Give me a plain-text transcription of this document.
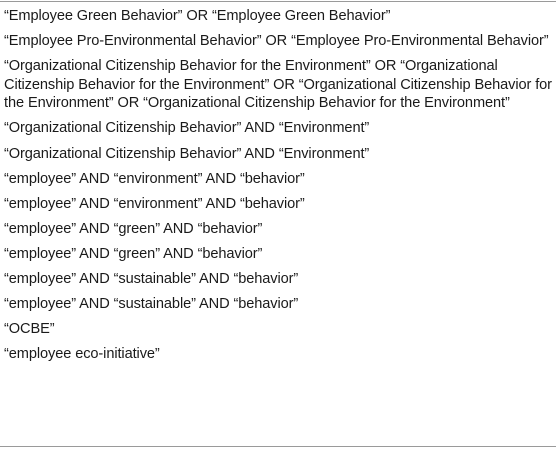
“Employee Green Behavior” OR “Employee Green Behavior”
“Employee Pro-Environmental Behavior” OR “Employee Pro-Environmental Behavior”
“Organizational Citizenship Behavior for the Environment” OR “Organizational Citizenship Behavior for the Environment” OR “Organizational Citizenship Behavior for the Environment” OR “Organizational Citizenship Behavior for the Environment”
“Organizational Citizenship Behavior” AND “Environment”
“Organizational Citizenship Behavior” AND “Environment”
“employee” AND “environment” AND “behavior”
“employee” AND “environment” AND “behavior”
“employee” AND “green” AND “behavior”
“employee” AND “green” AND “behavior”
“employee” AND “sustainable” AND “behavior”
“employee” AND “sustainable” AND “behavior”
“OCBE”
“employee eco-initiative”
